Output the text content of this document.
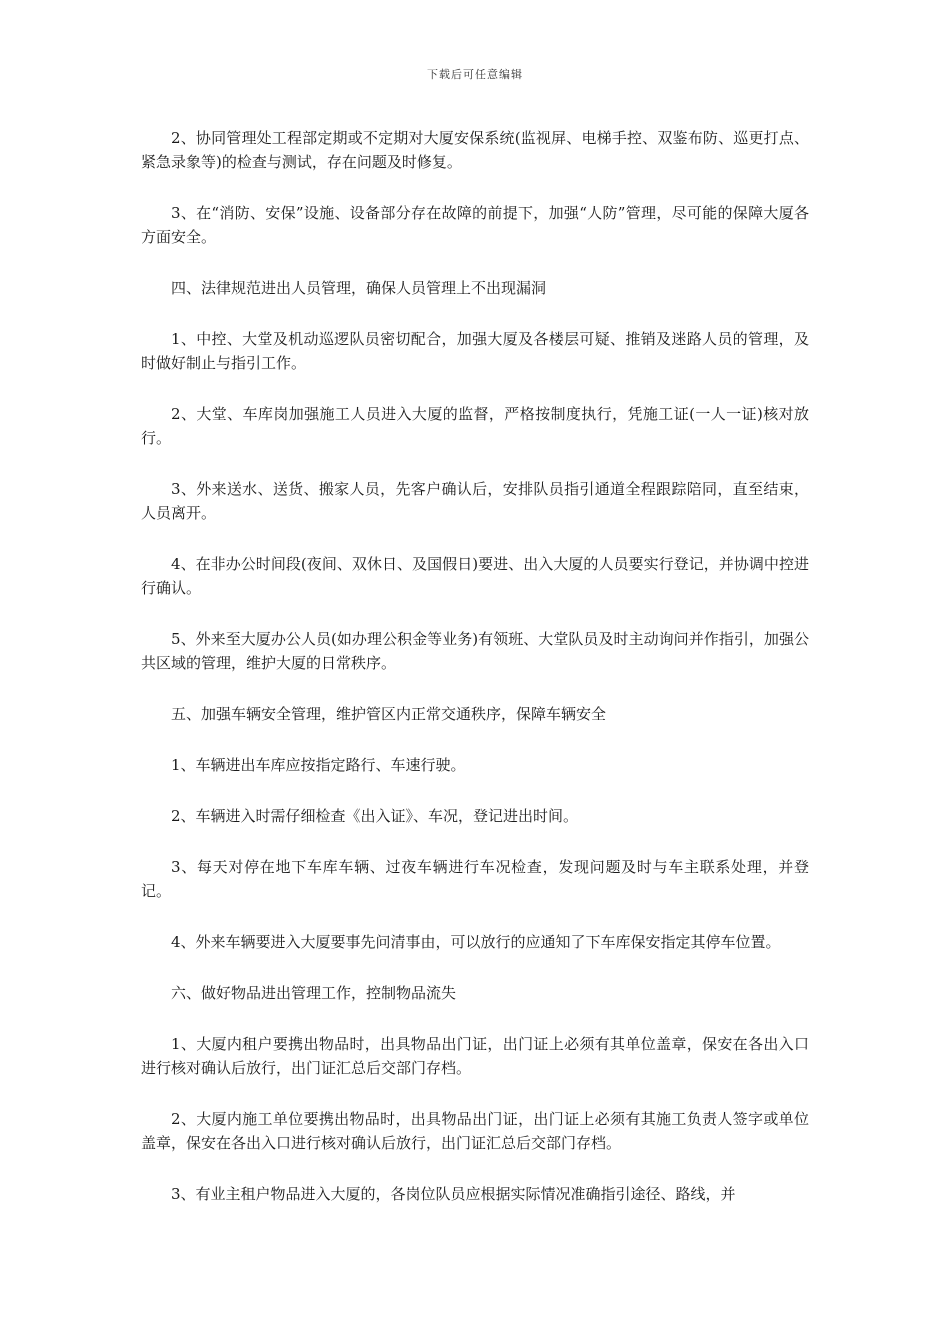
下载后可任意编辑

2、协同管理处工程部定期或不定期对大厦安保系统(监视屏、电梯手控、双鉴布防、巡更打点、紧急录象等)的检查与测试，存在问题及时修复。

3、在“消防、安保”设施、设备部分存在故障的前提下，加强“人防”管理，尽可能的保障大厦各方面安全。

四、法律规范进出人员管理，确保人员管理上不出现漏洞

1、中控、大堂及机动巡逻队员密切配合，加强大厦及各楼层可疑、推销及迷路人员的管理，及时做好制止与指引工作。

2、大堂、车库岗加强施工人员进入大厦的监督，严格按制度执行，凭施工证(一人一证)核对放行。

3、外来送水、送货、搬家人员，先客户确认后，安排队员指引通道全程跟踪陪同，直至结束，人员离开。

4、在非办公时间段(夜间、双休日、及国假日)要进、出入大厦的人员要实行登记，并协调中控进行确认。

5、外来至大厦办公人员(如办理公积金等业务)有领班、大堂队员及时主动询问并作指引，加强公共区域的管理，维护大厦的日常秩序。

五、加强车辆安全管理，维护管区内正常交通秩序，保障车辆安全

1、车辆进出车库应按指定路行、车速行驶。

2、车辆进入时需仔细检查《出入证》、车况，登记进出时间。

3、每天对停在地下车库车辆、过夜车辆进行车况检查，发现问题及时与车主联系处理，并登记。

4、外来车辆要进入大厦要事先问清事由，可以放行的应通知了下车库保安指定其停车位置。

六、做好物品进出管理工作，控制物品流失

1、大厦内租户要携出物品时，出具物品出门证，出门证上必须有其单位盖章，保安在各出入口进行核对确认后放行，出门证汇总后交部门存档。

2、大厦内施工单位要携出物品时，出具物品出门证，出门证上必须有其施工负责人签字或单位盖章，保安在各出入口进行核对确认后放行，出门证汇总后交部门存档。

3、有业主租户物品进入大厦的，各岗位队员应根据实际情况准确指引途径、路线，并
